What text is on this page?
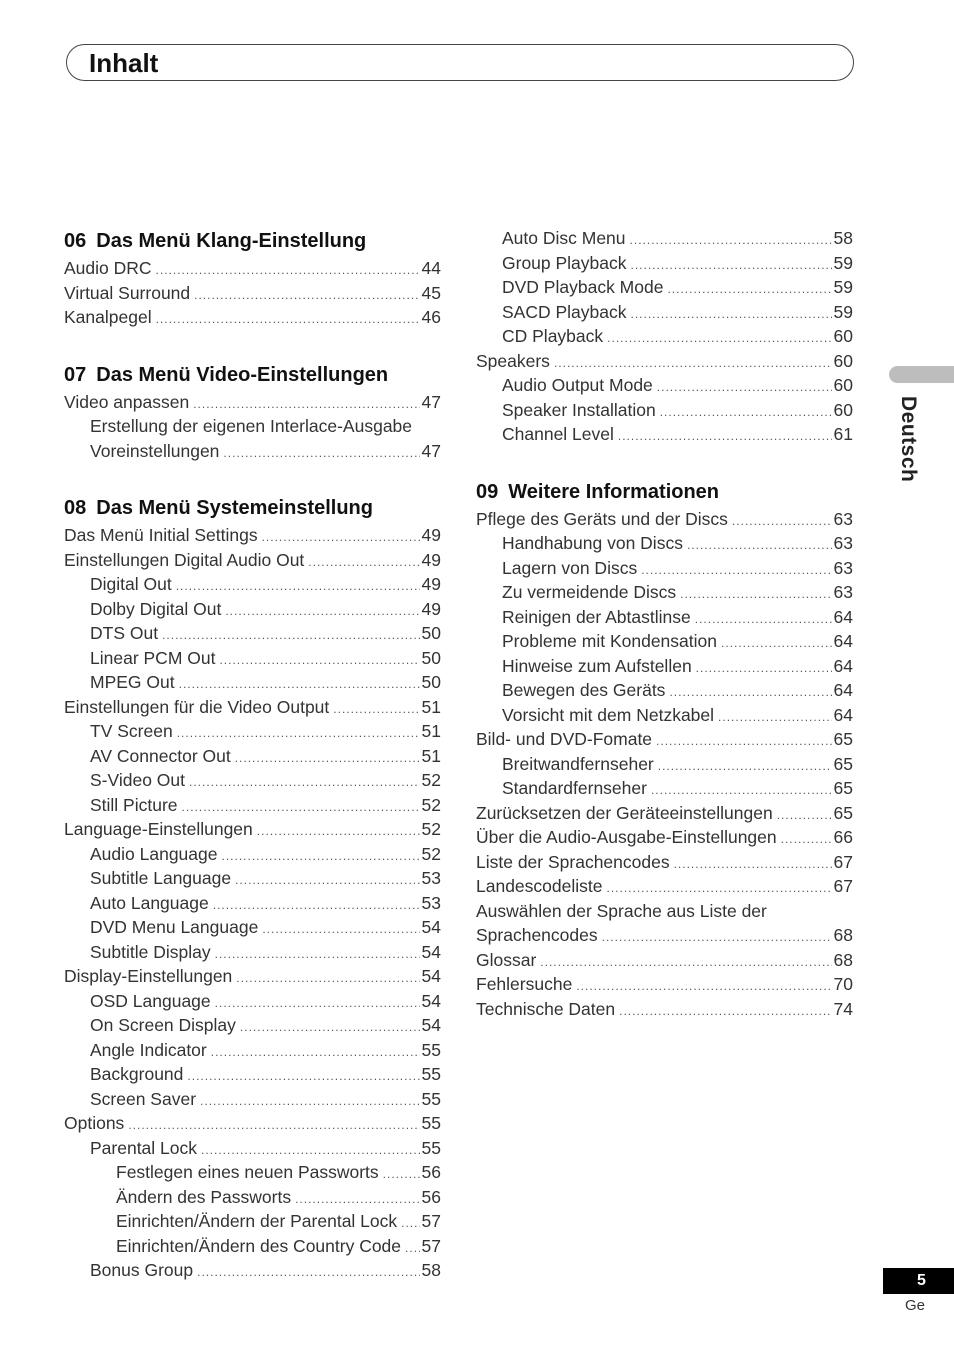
Inhalt
06 Das Menü Klang-Einstellung
Audio DRC .....	44
Virtual Surround .....	45
Kanalpegel .....	46
07 Das Menü Video-Einstellungen
Video anpassen .....	47
Erstellung der eigenen Interlace-Ausgabe
Voreinstellungen .....	47
08 Das Menü Systemeinstellung
Das Menü Initial Settings .....	49
Einstellungen Digital Audio Out .....	49
Digital Out .....	49
Dolby Digital Out .....	49
DTS Out .....	50
Linear PCM Out .....	50
MPEG Out .....	50
Einstellungen für die Video Output .....	51
TV Screen .....	51
AV Connector Out .....	51
S-Video Out .....	52
Still Picture .....	52
Language-Einstellungen .....	52
Audio Language .....	52
Subtitle Language .....	53
Auto Language .....	53
DVD Menu Language .....	54
Subtitle Display .....	54
Display-Einstellungen .....	54
OSD Language .....	54
On Screen Display .....	54
Angle Indicator .....	55
Background .....	55
Screen Saver .....	55
Options .....	55
Parental Lock .....	55
Festlegen eines neuen Passworts ..... 56
Ändern des Passworts .....	56
Einrichten/Ändern der Parental Lock ..... 57
Einrichten/Ändern des Country Code ..... 57
Bonus Group .....	58
Auto Disc Menu .....	58
Group Playback .....	59
DVD Playback Mode .....	59
SACD Playback .....	59
CD Playback .....	60
Speakers .....	60
Audio Output Mode .....	60
Speaker Installation .....	60
Channel Level .....	61
09 Weitere Informationen
Pflege des Geräts und der Discs .....	63
Handhabung von Discs .....	63
Lagern von Discs .....	63
Zu vermeidende Discs .....	63
Reinigen der Abtastlinse .....	64
Probleme mit Kondensation .....	64
Hinweise zum Aufstellen .....	64
Bewegen des Geräts .....	64
Vorsicht mit dem Netzkabel .....	64
Bild- und DVD-Fomate .....	65
Breitwandfernseher .....	65
Standardfernseher .....	65
Zurücksetzen der Geräteeinstellungen .....	65
Über die Audio-Ausgabe-Einstellungen .....	66
Liste der Sprachencodes .....	67
Landescodeliste .....	67
Auswählen der Sprache aus Liste der
Sprachencodes .....	68
Glossar .....	68
Fehlersuche .....	70
Technische Daten .....	74
Deutsch
5
Ge
